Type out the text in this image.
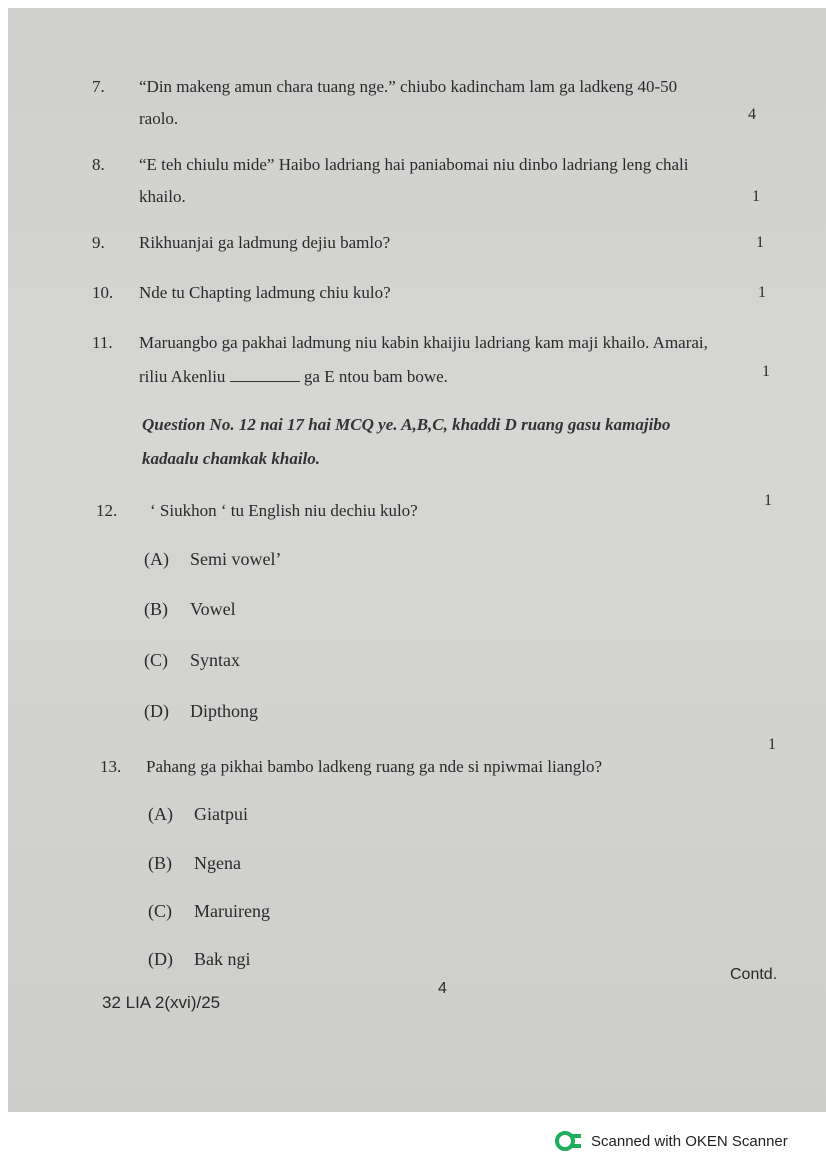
7. “Din makeng amun chara tuang nge.” chiubo kadincham lam ga ladkeng 40-50
raolo.	4
8. “E teh chiulu mide” Haibo ladriang hai paniabomai niu dinbo ladriang leng chali
khailo.	1
9. Rikhuanjai ga ladmung dejiu bamlo?	1
10. Nde tu Chapting ladmung chiu kulo?	1
11. Maruangbo ga pakhai ladmung niu kabin khaijiu ladriang kam maji khailo. Amarai,
riliu Akenliu	ga E ntou bam bowe.	1
Question No. 12 nai 17 hai MCQ ye. A,B,C, khaddi D ruang gasu kamajibo
kadaalu chamkak khailo.
12. ‘ Siukhon ‘ tu English niu dechiu kulo?
1
(A) Semi vowel’
(B) Vowel
(C) Syntax
(D) Dipthong
13. Pahang ga pikhai bambo ladkeng ruang ga nde si npiwmai lianglo?
1
(A) Giatpui
(B) Ngena
(C) Maruireng
(D) Bak ngi
4
Contd.
32 LIA 2(xvi)/25
Scanned with OKEN Scanner
